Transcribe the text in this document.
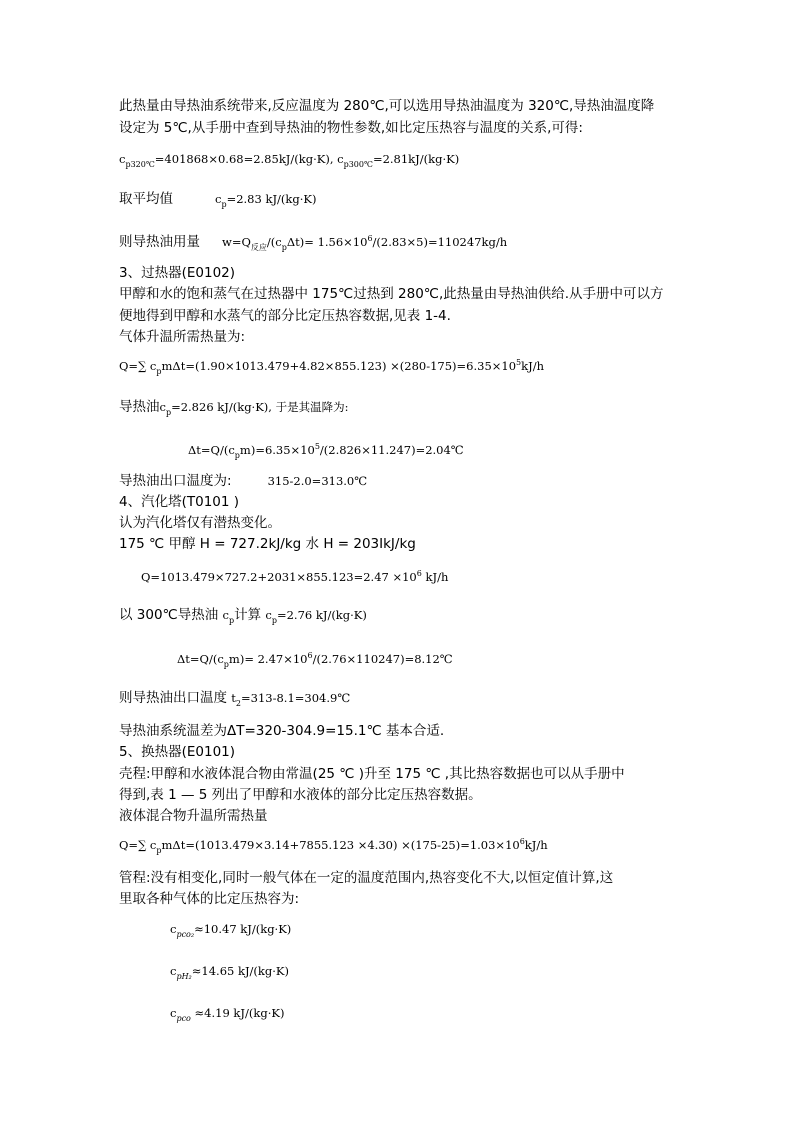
此热量由导热油系统带来,反应温度为 280℃,可以选用导热油温度为 320℃,导热油温度降
设定为 5℃,从手册中查到导热油的物性参数,如比定压热容与温度的关系,可得:
$c_{p320℃}=401868\times 0.68=2.85kJ/(kg\cdot K)$, $c_{p300℃}=2.81kJ/(kg\cdot K)$
取平均值	$c_p=2.83$ kJ/(kg·K)
则导热油用量 $w=Q_{反应}/(c_p\Delta t)= 1.56\times 10^6/(2.83\times 5)=110247kg/h$
3、过热器(E0102)
甲醇和水的饱和蒸气在过热器中 175℃过热到 280℃,此热量由导热油供给.从手册中可以方
便地得到甲醇和水蒸气的部分比定压热容数据,见表 1-4.
气体升温所需热量为:
Q=∑ $c_pm\Delta t=(1.90\times 1013.479+4.82\times 855.123) \times(280-175)=6.35\times 10^5kJ/h$
导热油$c_p=2.826$ kJ/(kg·K), 于是其温降为:
$\Delta t=Q/(c_pm)=6.35\times 10^5/(2.826\times 11.247)=2.04℃$
导热油出口温度为:	315-2.0=313.0℃
4、汽化塔(T0101 )
认为汽化塔仅有潜热变化。
175 ℃ 甲醇 H = 727.2kJ/kg 水 H = 203IkJ/kg
$Q=1013.479\times 727.2+2031\times 855.123=2.47 \times 10^6$ kJ/h
以 300℃导热油 $c_p$计算 $c_p=2.76$ kJ/(kg·K)
$\Delta t=Q/(c_pm)=$ $2.47\times 10^6/(2.76\times 110247)=8.12℃$
则导热油出口温度 $t_2=313-8.1=304.9℃$
导热油系统温差为ΔT=320-304.9=15.1℃ 基本合适.
5、换热器(E0101)
壳程:甲醇和水液体混合物由常温(25 ℃ )升至 175 ℃ ,其比热容数据也可以从手册中
得到,表 1 — 5 列出了甲醇和水液体的部分比定压热容数据。
液体混合物升温所需热量
Q=∑ $c_pm\Delta t=(1013.479\times 3.14+7855.123 \times 4.30) \times(175-25)=1.03\times 10^6kJ/h$
管程:没有相变化,同时一般气体在一定的温度范围内,热容变化不大,以恒定值计算,这
里取各种气体的比定压热容为:
$c_{pco_2}\approx 10.47$ kJ/(kg·K)
$c_{pH_2}\approx 14.65$ kJ/(kg·K)
$c_{pco} \approx 4.19$ kJ/(kg·K)
